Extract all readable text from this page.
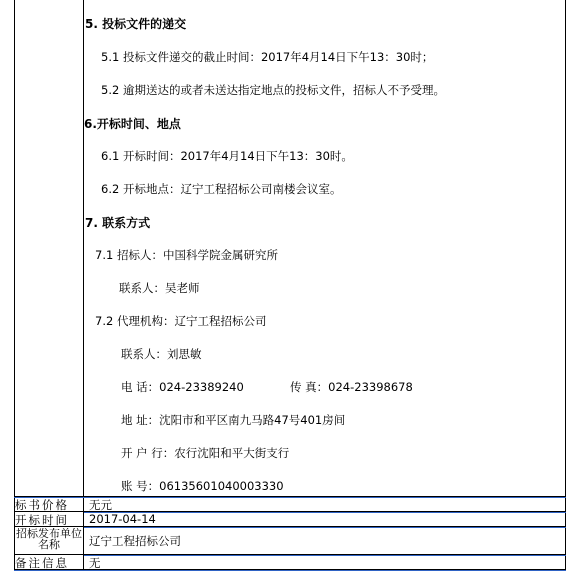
5. 投标文件的递交
5.1 投标文件递交的截止时间：2017年4月14日下午13：30时；
5.2 逾期送达的或者未送达指定地点的投标文件，招标人不予受理。
6.开标时间、地点
6.1 开标时间：2017年4月14日下午13：30时。
6.2 开标地点：辽宁工程招标公司南楼会议室。
7. 联系方式
7.1 招标人：中国科学院金属研究所
联系人：吴老师
7.2 代理机构：辽宁工程招标公司
联系人：刘思敏
电 话：024-23389240	传 真：024-23398678
地 址：沈阳市和平区南九马路47号401房间
开 户 行：农行沈阳和平大街支行
账 号：06135601040003330
标书价格	无元
开标时间	2017-04-14
招标发布单位名称	辽宁工程招标公司
备注信息	无
